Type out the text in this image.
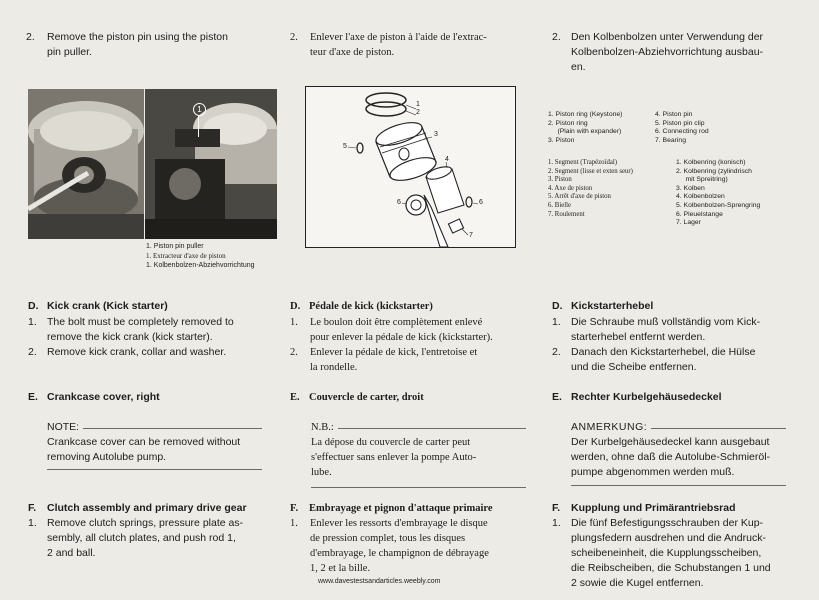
2. Remove the piston pin using the piston
pin puller.
2. Enlever l'axe de piston à l'aide de l'extrac-
teur d'axe de piston.
2. Den Kolbenbolzen unter Verwendung der
Kolbenbolzen-Abziehvorrichtung ausbau-
en.
1
1. Piston pin puller
1. Extracteur d'axe de piston
1. Kolbenbolzen-Abziehvorrichtung
1
2
3
4
5
6	6
7
1. Piston ring (Keystone)	4. Piston pin
2. Piston ring	5. Piston pin clip
(Plain with expander)	6. Connecting rod
3. Piston	7. Bearing
1. Segment (Trapézoïdal)
2. Segment (lisse et exten seur)
3. Piston
4. Axe de piston
5. Arrêt d'axe de piston
6. Bielle
7. Roulement
1. Kolbenring (konisch)
2. Kolbenring (zylindrisch
mit Spreitring)
3. Kolben
4. Kolbenbolzen
5. Kolbenbolzen-Sprengring
6. Pleuelstange
7. Lager
D. Kick crank (Kick starter)
1. The bolt must be completely removed to
remove the kick crank (kick starter).
2. Remove kick crank, collar and washer.
D. Pédale de kick (kickstarter)
1. Le boulon doit être complètement enlevé
pour enlever la pédale de kick (kickstarter).
2. Enlever la pédale de kick, l'entretoise et
la rondelle.
D. Kickstarterhebel
1. Die Schraube muß vollständig vom Kick-
starterhebel entfernt werden.
2. Danach den Kickstarterhebel, die Hülse
und die Scheibe entfernen.
E. Crankcase cover, right	E. Couvercle de carter, droit	E. Rechter Kurbelgehäusedeckel
NOTE:
Crankcase cover can be removed without
removing Autolube pump.
N.B.:
La dépose du couvercle de carter peut
s'effectuer sans enlever la pompe Auto-
lube.
ANMERKUNG:
Der Kurbelgehäusedeckel kann ausgebaut
werden, ohne daß die Autolube-Schmieröl-
pumpe abgenommen werden muß.
F. Clutch assembly and primary drive gear
1. Remove clutch springs, pressure plate as-
sembly, all clutch plates, and push rod 1,
2 and ball.
F. Embrayage et pignon d'attaque primaire
1. Enlever les ressorts d'embrayage le disque
de pression complet, tous les disques
d'embrayage, le champignon de débrayage
1, 2 et la bille.
F. Kupplung und Primärantriebsrad
1. Die fünf Befestigungsschrauben der Kup-
plungsfedern ausdrehen und die Andruck-
scheibeneinheit, die Kupplungsscheiben,
die Reibscheiben, die Schubstangen 1 und
2 sowie die Kugel entfernen.
www.davestestsandarticles.weebly.com
